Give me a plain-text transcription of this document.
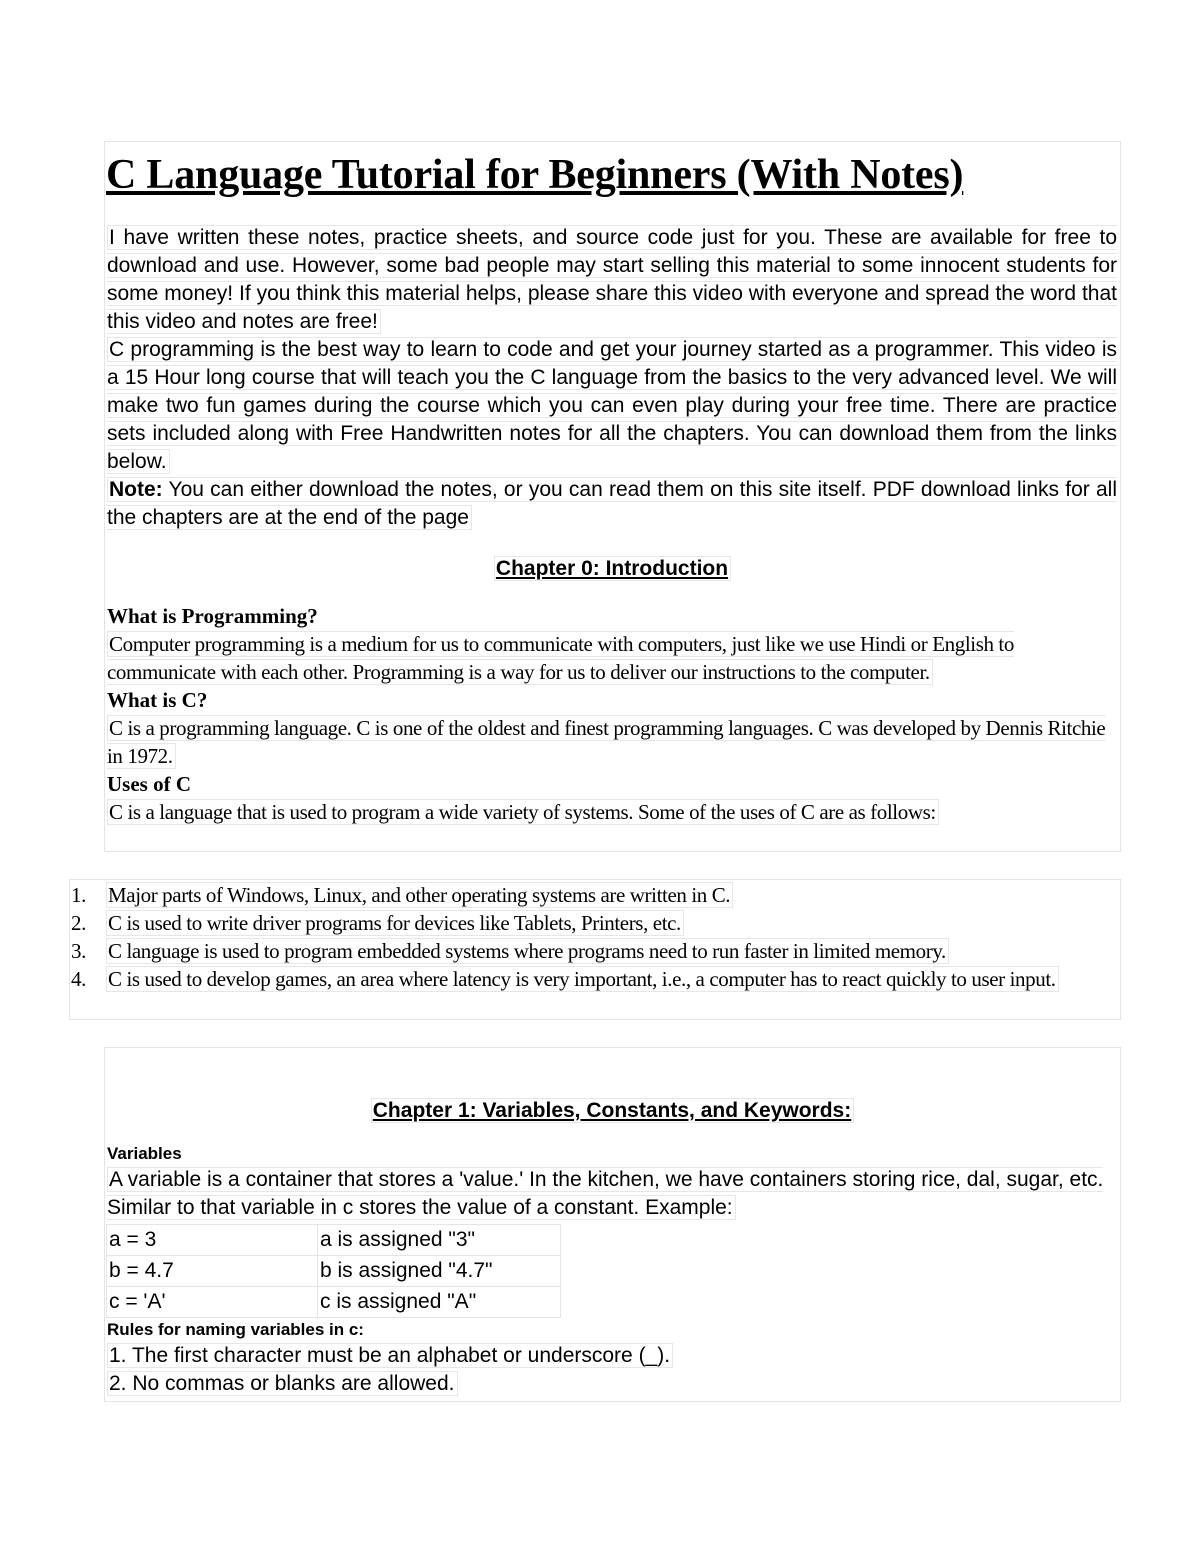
C Language Tutorial for Beginners (With Notes)

I have written these notes, practice sheets, and source code just for you. These are available for free to download and use. However, some bad people may start selling this material to some innocent students for some money! If you think this material helps, please share this video with everyone and spread the word that this video and notes are free!

C programming is the best way to learn to code and get your journey started as a programmer. This video is a 15 Hour long course that will teach you the C language from the basics to the very advanced level. We will make two fun games during the course which you can even play during your free time. There are practice sets included along with Free Handwritten notes for all the chapters. You can download them from the links below.

Note: You can either download the notes, or you can read them on this site itself. PDF download links for all the chapters are at the end of the page

Chapter 0: Introduction

What is Programming?

Computer programming is a medium for us to communicate with computers, just like we use Hindi or English to communicate with each other. Programming is a way for us to deliver our instructions to the computer.

What is C?

C is a programming language. C is one of the oldest and finest programming languages. C was developed by Dennis Ritchie in 1972.

Uses of C

C is a language that is used to program a wide variety of systems. Some of the uses of C are as follows:

1. Major parts of Windows, Linux, and other operating systems are written in C.
2. C is used to write driver programs for devices like Tablets, Printers, etc.
3. C language is used to program embedded systems where programs need to run faster in limited memory.
4. C is used to develop games, an area where latency is very important, i.e., a computer has to react quickly to user input.
Chapter 1: Variables, Constants, and Keywords:

Variables

A variable is a container that stores a 'value.' In the kitchen, we have containers storing rice, dal, sugar, etc. Similar to that variable in c stores the value of a constant. Example:

a = 3	a is assigned "3"
b = 4.7	b is assigned "4.7"
c = 'A'	c is assigned "A"

Rules for naming variables in c:

1. The first character must be an alphabet or underscore (_).

2. No commas or blanks are allowed.
